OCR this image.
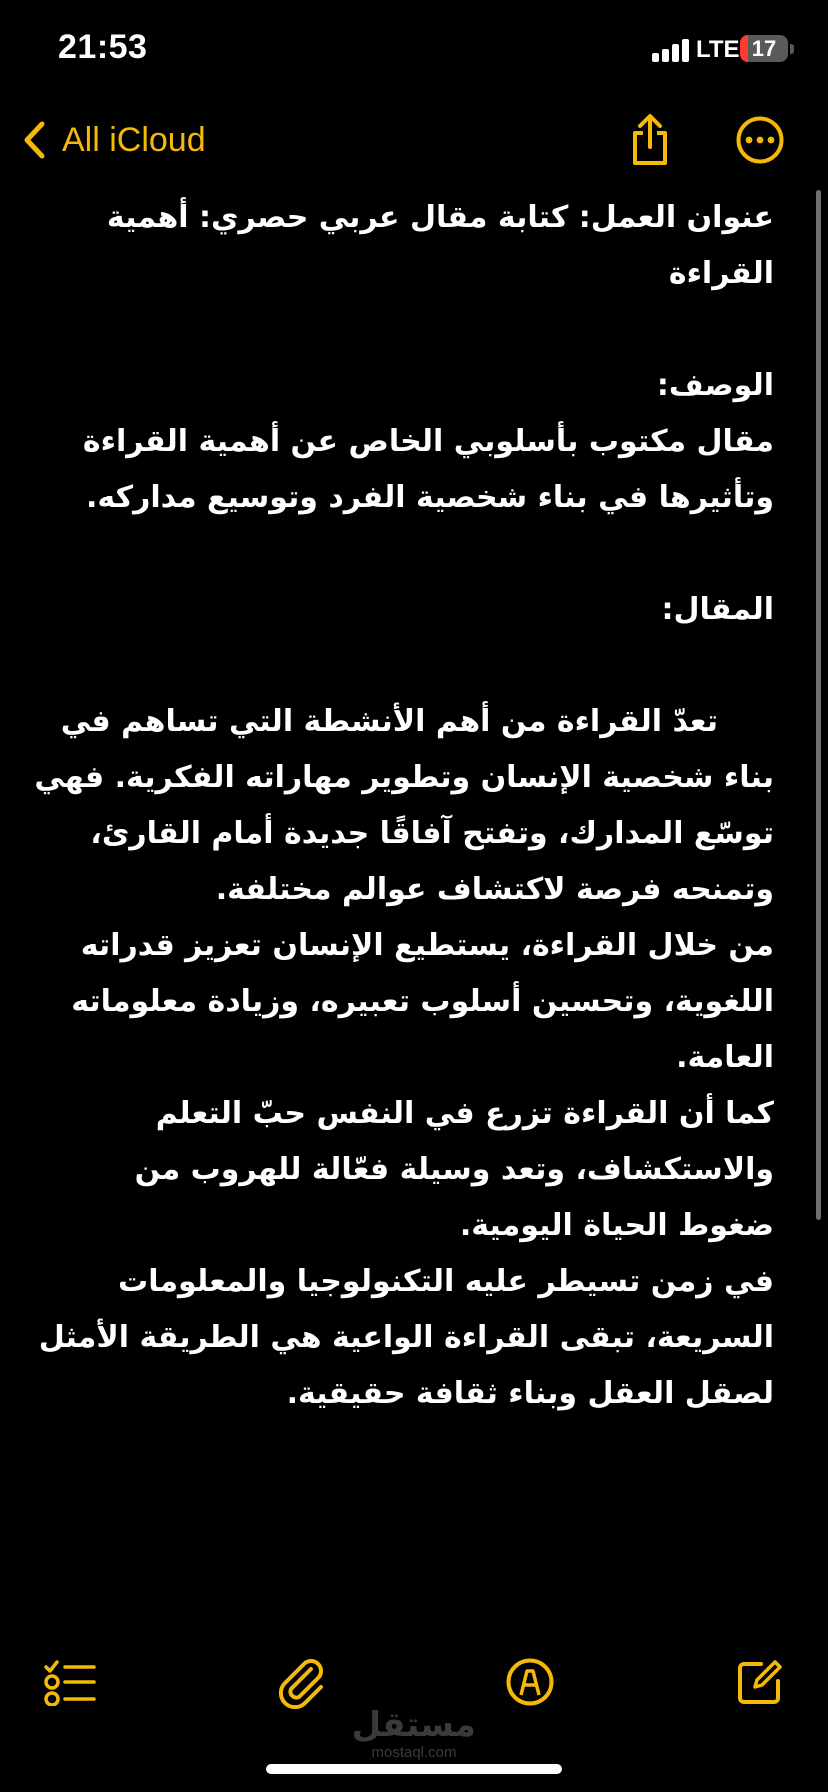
21:53	LTE 17
All iCloud
عنوان العمل: كتابة مقال عربي حصري: أهمية
القراءة
الوصف:
مقال مكتوب بأسلوبي الخاص عن أهمية القراءة
وتأثيرها في بناء شخصية الفرد وتوسيع مداركه.
المقال:
تعدّ القراءة من أهم الأنشطة التي تساهم في
بناء شخصية الإنسان وتطوير مهاراته الفكرية. فهي
توسّع المدارك، وتفتح آفاقًا جديدة أمام القارئ،
وتمنحه فرصة لاكتشاف عوالم مختلفة.
من خلال القراءة، يستطيع الإنسان تعزيز قدراته
اللغوية، وتحسين أسلوب تعبيره، وزيادة معلوماته
العامة.
كما أن القراءة تزرع في النفس حبّ التعلم
والاستكشاف، وتعد وسيلة فعّالة للهروب من
ضغوط الحياة اليومية.
في زمن تسيطر عليه التكنولوجيا والمعلومات
السريعة، تبقى القراءة الواعية هي الطريقة الأمثل
لصقل العقل وبناء ثقافة حقيقية.
مستقل
mostaql.com
